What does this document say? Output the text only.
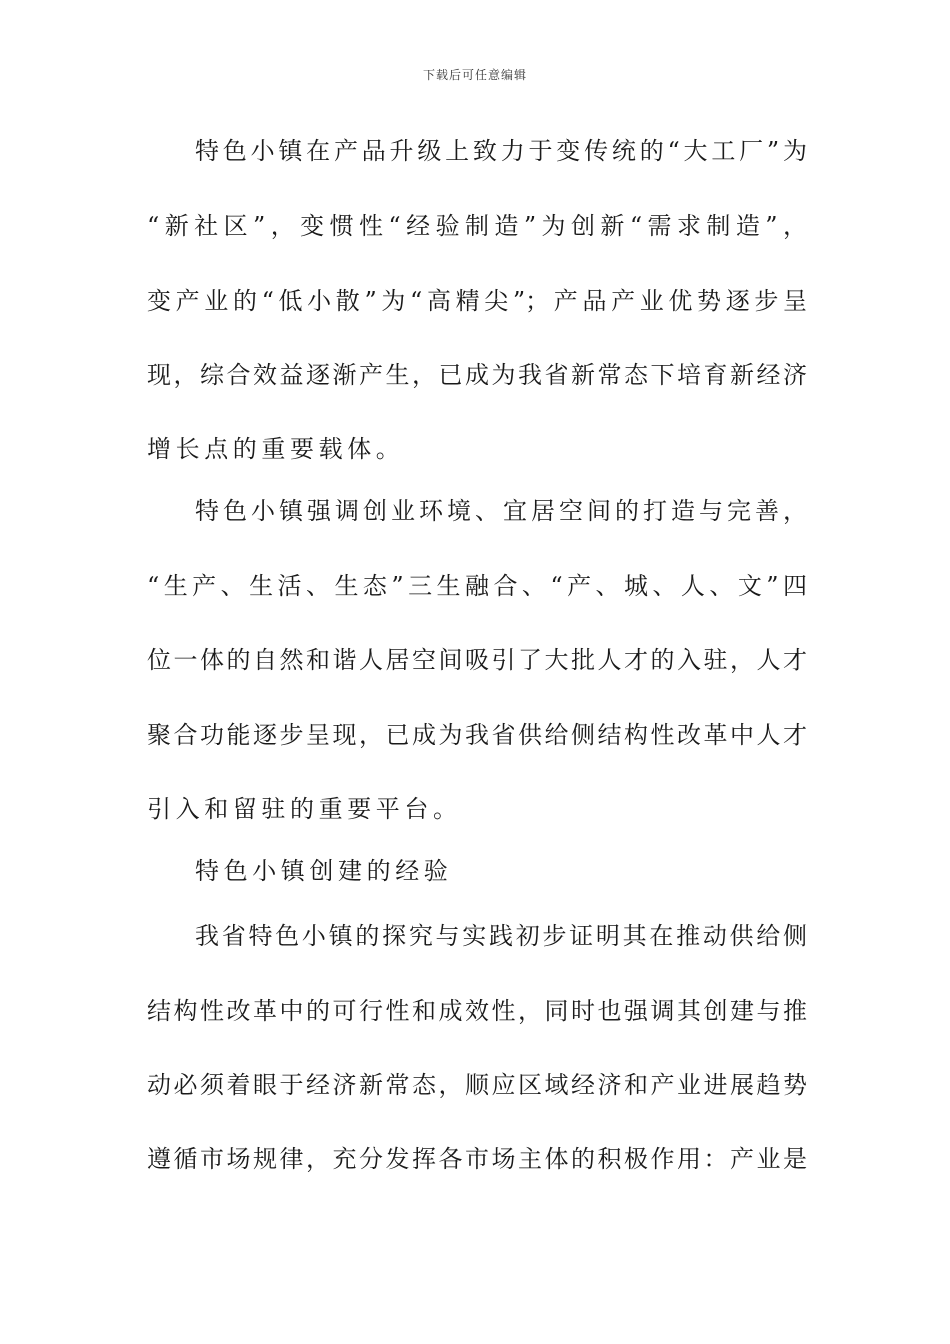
下载后可任意编辑
特色小镇在产品升级上致力于变传统的“大工厂”为
“新社区”，变惯性“经验制造”为创新“需求制造”，
变产业的“低小散”为“高精尖”；产品产业优势逐步呈
现，综合效益逐渐产生，已成为我省新常态下培育新经济
增长点的重要载体。
特色小镇强调创业环境、宜居空间的打造与完善，
“生产、生活、生态”三生融合、“产、城、人、文”四
位一体的自然和谐人居空间吸引了大批人才的入驻，人才
聚合功能逐步呈现，已成为我省供给侧结构性改革中人才
引入和留驻的重要平台。
特色小镇创建的经验
我省特色小镇的探究与实践初步证明其在推动供给侧
结构性改革中的可行性和成效性，同时也强调其创建与推
动必须着眼于经济新常态，顺应区域经济和产业进展趋势
遵循市场规律，充分发挥各市场主体的积极作用：产业是
